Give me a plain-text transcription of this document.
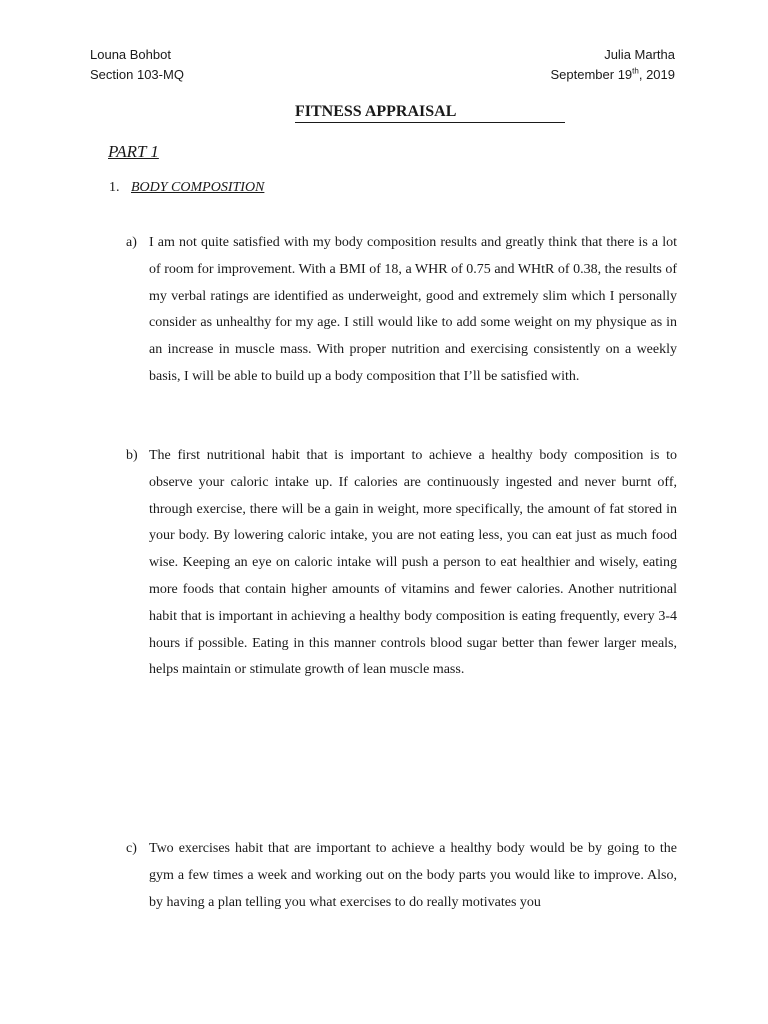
Louna Bohbot
Section 103-MQ
Julia Martha
September 19th, 2019
FITNESS APPRAISAL
PART 1
1. BODY COMPOSITION
a) I am not quite satisfied with my body composition results and greatly think that there is a lot of room for improvement. With a BMI of 18, a WHR of 0.75 and WHtR of 0.38, the results of my verbal ratings are identified as underweight, good and extremely slim which I personally consider as unhealthy for my age. I still would like to add some weight on my physique as in an increase in muscle mass. With proper nutrition and exercising consistently on a weekly basis, I will be able to build up a body composition that I’ll be satisfied with.
b) The first nutritional habit that is important to achieve a healthy body composition is to observe your caloric intake up. If calories are continuously ingested and never burnt off, through exercise, there will be a gain in weight, more specifically, the amount of fat stored in your body. By lowering caloric intake, you are not eating less, you can eat just as much food wise. Keeping an eye on caloric intake will push a person to eat healthier and wisely, eating more foods that contain higher amounts of vitamins and fewer calories. Another nutritional habit that is important in achieving a healthy body composition is eating frequently, every 3-4 hours if possible. Eating in this manner controls blood sugar better than fewer larger meals, helps maintain or stimulate growth of lean muscle mass.
c) Two exercises habit that are important to achieve a healthy body would be by going to the gym a few times a week and working out on the body parts you would like to improve. Also, by having a plan telling you what exercises to do really motivates you
